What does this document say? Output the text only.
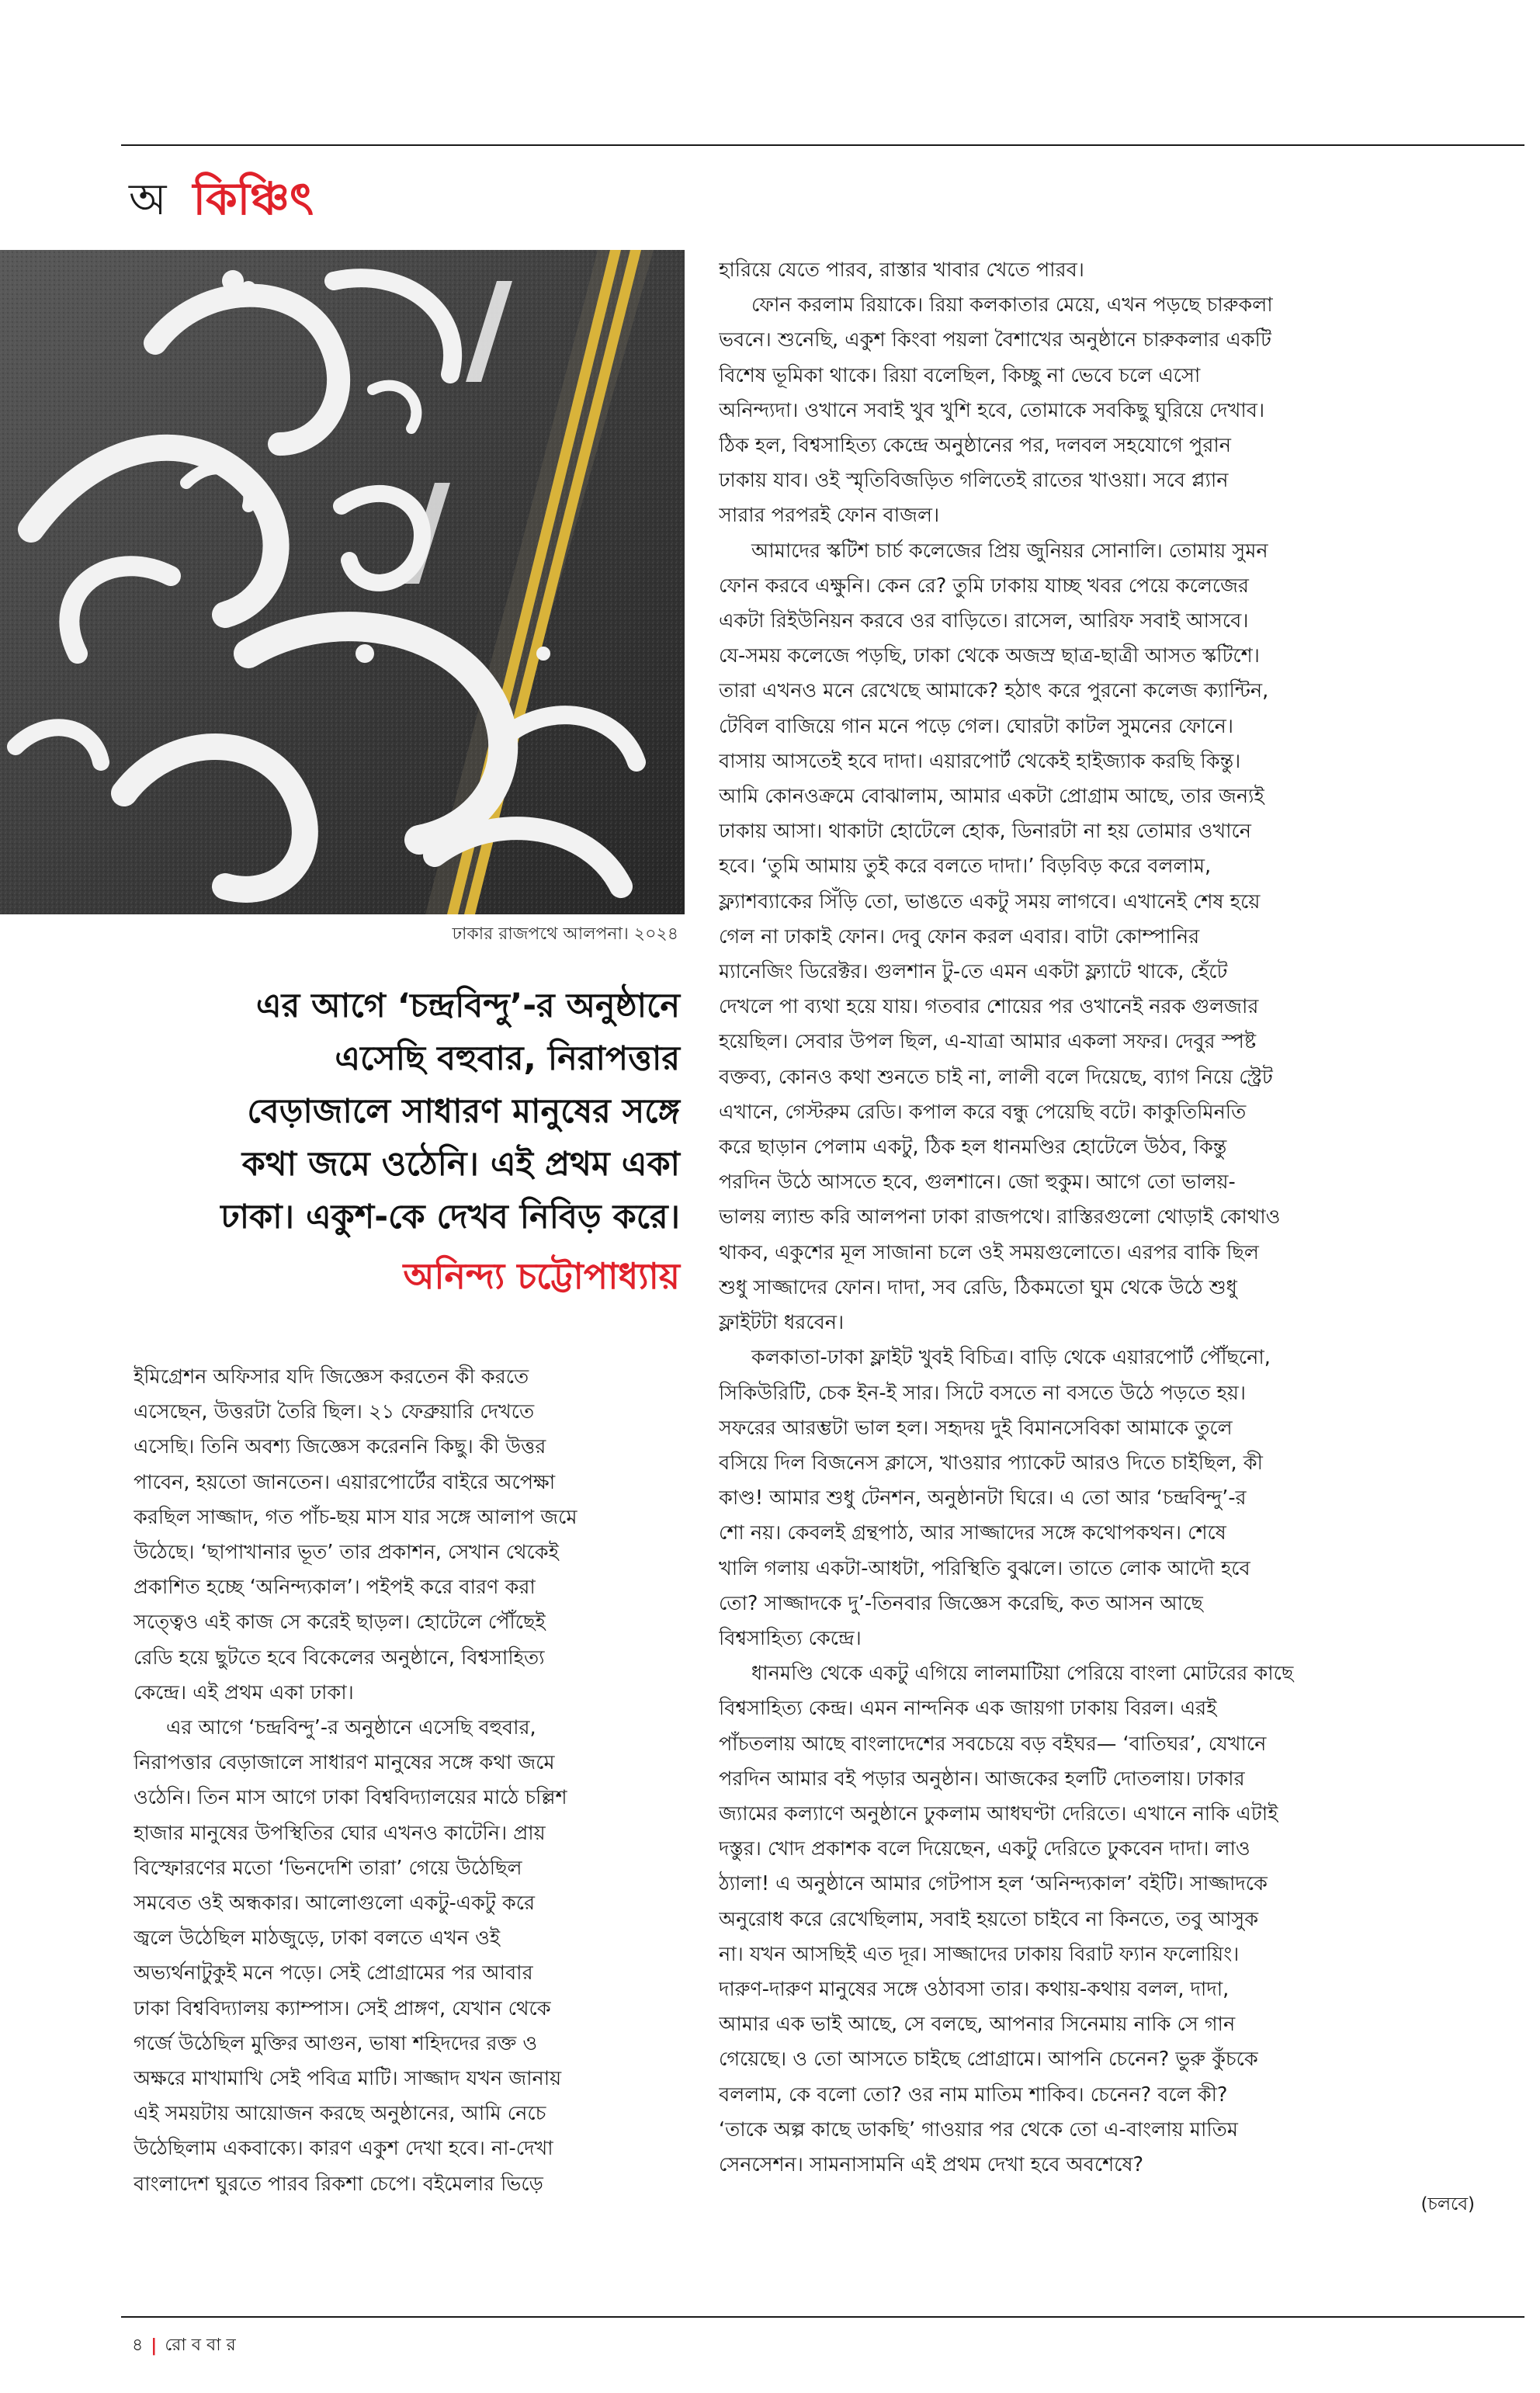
অ কিঞ্চিৎ
ঢাকার রাজপথে আলপনা। ২০২৪
এর আগে ‘চন্দ্রবিন্দু’-র অনুষ্ঠানে
এসেছি বহুবার, নিরাপত্তার
বেড়াজালে সাধারণ মানুষের সঙ্গে
কথা জমে ওঠেনি। এই প্রথম একা
ঢাকা। একুশ-কে দেখব নিবিড় করে।
অনিন্দ্য চট্টোপাধ্যায়
ইমিগ্রেশন অফিসার যদি জিজ্ঞেস করতেন কী করতে
এসেছেন, উত্তরটা তৈরি ছিল। ২১ ফেব্রুয়ারি দেখতে
এসেছি। তিনি অবশ্য জিজ্ঞেস করেননি কিছু। কী উত্তর
পাবেন, হয়তো জানতেন। এয়ারপোর্টের বাইরে অপেক্ষা
করছিল সাজ্জাদ, গত পাঁচ-ছয় মাস যার সঙ্গে আলাপ জমে
উঠেছে। ‘ছাপাখানার ভূত’ তার প্রকাশন, সেখান থেকেই
প্রকাশিত হচ্ছে ‘অনিন্দ্যকাল’। পইপই করে বারণ করা
সত্ত্বেও এই কাজ সে করেই ছাড়ল। হোটেলে পৌঁছেই
রেডি হয়ে ছুটতে হবে বিকেলের অনুষ্ঠানে, বিশ্বসাহিত্য
কেন্দ্রে। এই প্রথম একা ঢাকা।
এর আগে ‘চন্দ্রবিন্দু’-র অনুষ্ঠানে এসেছি বহুবার,
নিরাপত্তার বেড়াজালে সাধারণ মানুষের সঙ্গে কথা জমে
ওঠেনি। তিন মাস আগে ঢাকা বিশ্ববিদ্যালয়ের মাঠে চল্লিশ
হাজার মানুষের উপস্থিতির ঘোর এখনও কাটেনি। প্রায়
বিস্ফোরণের মতো ‘ভিনদেশি তারা’ গেয়ে উঠেছিল
সমবেত ওই অন্ধকার। আলোগুলো একটু-একটু করে
জ্বলে উঠেছিল মাঠজুড়ে, ঢাকা বলতে এখন ওই
অভ্যর্থনাটুকুই মনে পড়ে। সেই প্রোগ্রামের পর আবার
ঢাকা বিশ্ববিদ্যালয় ক্যাম্পাস। সেই প্রাঙ্গণ, যেখান থেকে
গর্জে উঠেছিল মুক্তির আগুন, ভাষা শহিদদের রক্ত ও
অক্ষরে মাখামাখি সেই পবিত্র মাটি। সাজ্জাদ যখন জানায়
এই সময়টায় আয়োজন করছে অনুষ্ঠানের, আমি নেচে
উঠেছিলাম একবাক্যে। কারণ একুশ দেখা হবে। না-দেখা
বাংলাদেশ ঘুরতে পারব রিকশা চেপে। বইমেলার ভিড়ে
হারিয়ে যেতে পারব, রাস্তার খাবার খেতে পারব।
ফোন করলাম রিয়াকে। রিয়া কলকাতার মেয়ে, এখন পড়ছে চারুকলা
ভবনে। শুনেছি, একুশ কিংবা পয়লা বৈশাখের অনুষ্ঠানে চারুকলার একটি
বিশেষ ভূমিকা থাকে। রিয়া বলেছিল, কিচ্ছু না ভেবে চলে এসো
অনিন্দ্যদা। ওখানে সবাই খুব খুশি হবে, তোমাকে সবকিছু ঘুরিয়ে দেখাব।
ঠিক হল, বিশ্বসাহিত্য কেন্দ্রে অনুষ্ঠানের পর, দলবল সহযোগে পুরান
ঢাকায় যাব। ওই স্মৃতিবিজড়িত গলিতেই রাতের খাওয়া। সবে প্ল্যান
সারার পরপরই ফোন বাজল।
আমাদের স্কটিশ চার্চ কলেজের প্রিয় জুনিয়র সোনালি। তোমায় সুমন
ফোন করবে এক্ষুনি। কেন রে? তুমি ঢাকায় যাচ্ছ খবর পেয়ে কলেজের
একটা রিইউনিয়ন করবে ওর বাড়িতে। রাসেল, আরিফ সবাই আসবে।
যে-সময় কলেজে পড়ছি, ঢাকা থেকে অজস্র ছাত্র-ছাত্রী আসত স্কটিশে।
তারা এখনও মনে রেখেছে আমাকে? হঠাৎ করে পুরনো কলেজ ক্যান্টিন,
টেবিল বাজিয়ে গান মনে পড়ে গেল। ঘোরটা কাটল সুমনের ফোনে।
বাসায় আসতেই হবে দাদা। এয়ারপোর্ট থেকেই হাইজ্যাক করছি কিন্তু।
আমি কোনওক্রমে বোঝালাম, আমার একটা প্রোগ্রাম আছে, তার জন্যই
ঢাকায় আসা। থাকাটা হোটেলে হোক, ডিনারটা না হয় তোমার ওখানে
হবে। ‘তুমি আমায় তুই করে বলতে দাদা।’ বিড়বিড় করে বললাম,
ফ্ল্যাশব্যাকের সিঁড়ি তো, ভাঙতে একটু সময় লাগবে। এখানেই শেষ হয়ে
গেল না ঢাকাই ফোন। দেবু ফোন করল এবার। বাটা কোম্পানির
ম্যানেজিং ডিরেক্টর। গুলশান টু-তে এমন একটা ফ্ল্যাটে থাকে, হেঁটে
দেখলে পা ব্যথা হয়ে যায়। গতবার শোয়ের পর ওখানেই নরক গুলজার
হয়েছিল। সেবার উপল ছিল, এ-যাত্রা আমার একলা সফর। দেবুর স্পষ্ট
বক্তব্য, কোনও কথা শুনতে চাই না, লালী বলে দিয়েছে, ব্যাগ নিয়ে স্ট্রেট
এখানে, গেস্টরুম রেডি। কপাল করে বন্ধু পেয়েছি বটে। কাকুতিমিনতি
করে ছাড়ান পেলাম একটু, ঠিক হল ধানমণ্ডির হোটেলে উঠব, কিন্তু
পরদিন উঠে আসতে হবে, গুলশানে। জো হুকুম। আগে তো ভালয়-
ভালয় ল্যান্ড করি আলপনা ঢাকা রাজপথে। রাস্তিরগুলো থোড়াই কোথাও
থাকব, একুশের মূল সাজানা চলে ওই সময়গুলোতে। এরপর বাকি ছিল
শুধু সাজ্জাদের ফোন। দাদা, সব রেডি, ঠিকমতো ঘুম থেকে উঠে শুধু
ফ্লাইটটা ধরবেন।
কলকাতা-ঢাকা ফ্লাইট খুবই বিচিত্র। বাড়ি থেকে এয়ারপোর্ট পৌঁছনো,
সিকিউরিটি, চেক ইন-ই সার। সিটে বসতে না বসতে উঠে পড়তে হয়।
সফরের আরম্ভটা ভাল হল। সহৃদয় দুই বিমানসেবিকা আমাকে তুলে
বসিয়ে দিল বিজনেস ক্লাসে, খাওয়ার প্যাকেট আরও দিতে চাইছিল, কী
কাণ্ড! আমার শুধু টেনশন, অনুষ্ঠানটা ঘিরে। এ তো আর ‘চন্দ্রবিন্দু’-র
শো নয়। কেবলই গ্রন্থপাঠ, আর সাজ্জাদের সঙ্গে কথোপকথন। শেষে
খালি গলায় একটা-আধটা, পরিস্থিতি বুঝলে। তাতে লোক আদৌ হবে
তো? সাজ্জাদকে দু’-তিনবার জিজ্ঞেস করেছি, কত আসন আছে
বিশ্বসাহিত্য কেন্দ্রে।
ধানমণ্ডি থেকে একটু এগিয়ে লালমাটিয়া পেরিয়ে বাংলা মোটরের কাছে
বিশ্বসাহিত্য কেন্দ্র। এমন নান্দনিক এক জায়গা ঢাকায় বিরল। এরই
পাঁচতলায় আছে বাংলাদেশের সবচেয়ে বড় বইঘর— ‘বাতিঘর’, যেখানে
পরদিন আমার বই পড়ার অনুষ্ঠান। আজকের হলটি দোতলায়। ঢাকার
জ্যামের কল্যাণে অনুষ্ঠানে ঢুকলাম আধঘণ্টা দেরিতে। এখানে নাকি এটাই
দস্তুর। খোদ প্রকাশক বলে দিয়েছেন, একটু দেরিতে ঢুকবেন দাদা। লাও
ঠ্যালা! এ অনুষ্ঠানে আমার গেটপাস হল ‘অনিন্দ্যকাল’ বইটি। সাজ্জাদকে
অনুরোধ করে রেখেছিলাম, সবাই হয়তো চাইবে না কিনতে, তবু আসুক
না। যখন আসছিই এত দূর। সাজ্জাদের ঢাকায় বিরাট ফ্যান ফলোয়িং।
দারুণ-দারুণ মানুষের সঙ্গে ওঠাবসা তার। কথায়-কথায় বলল, দাদা,
আমার এক ভাই আছে, সে বলছে, আপনার সিনেমায় নাকি সে গান
গেয়েছে। ও তো আসতে চাইছে প্রোগ্রামে। আপনি চেনেন? ভুরু কুঁচকে
বললাম, কে বলো তো? ওর নাম মাতিম শাকিব। চেনেন? বলে কী?
‘তাকে অল্প কাছে ডাকছি’ গাওয়ার পর থেকে তো এ-বাংলায় মাতিম
সেনসেশন। সামনাসামনি এই প্রথম দেখা হবে অবশেষে?
(চলবে)
৪ | রো ব বা র
